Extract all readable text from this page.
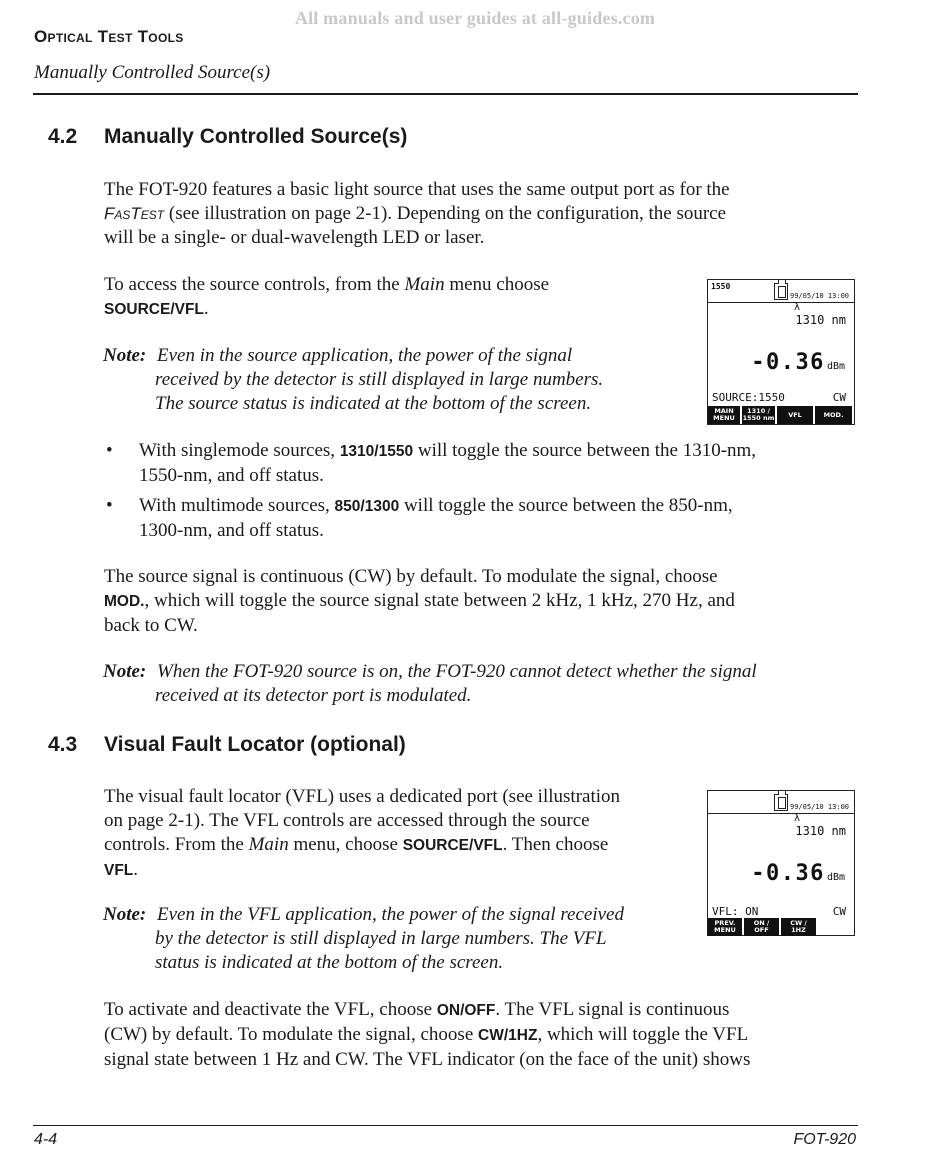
All manuals and user guides at all-guides.com
Optical Test Tools
Manually Controlled Source(s)
4.2 Manually Controlled Source(s)
The FOT-920 features a basic light source that uses the same output port as for the
FasTest (see illustration on page 2-1). Depending on the configuration, the source
will be a single- or dual-wavelength LED or laser.
To access the source controls, from the Main menu choose
SOURCE/VFL.
Note: Even in the source application, the power of the signal
received by the detector is still displayed in large numbers.
The source status is indicated at the bottom of the screen.
1550
99/05/10 13:00
λ
1310 nm
-0.36 dBm
SOURCE:1550	CW
MAIN
MENU
1310 /
1550 nm VFL	MOD.
• With singlemode sources, 1310/1550 will toggle the source between the 1310-nm,
1550-nm, and off status.
• With multimode sources, 850/1300 will toggle the source between the 850-nm,
1300-nm, and off status.
The source signal is continuous (CW) by default. To modulate the signal, choose
MOD., which will toggle the source signal state between 2 kHz, 1 kHz, 270 Hz, and
back to CW.
Note: When the FOT-920 source is on, the FOT-920 cannot detect whether the signal
received at its detector port is modulated.
4.3 Visual Fault Locator (optional)
The visual fault locator (VFL) uses a dedicated port (see illustration
on page 2-1). The VFL controls are accessed through the source
controls. From the Main menu, choose SOURCE/VFL. Then choose
VFL.
Note: Even in the VFL application, the power of the signal received
by the detector is still displayed in large numbers. The VFL
status is indicated at the bottom of the screen.
99/05/10 13:00
λ
1310 nm
-0.36 dBm
VFL: ON	CW
PREV.
MENU
ON /
OFF
CW /
1HZ
To activate and deactivate the VFL, choose ON/OFF. The VFL signal is continuous
(CW) by default. To modulate the signal, choose CW/1HZ, which will toggle the VFL
signal state between 1 Hz and CW. The VFL indicator (on the face of the unit) shows
4-4	FOT-920
